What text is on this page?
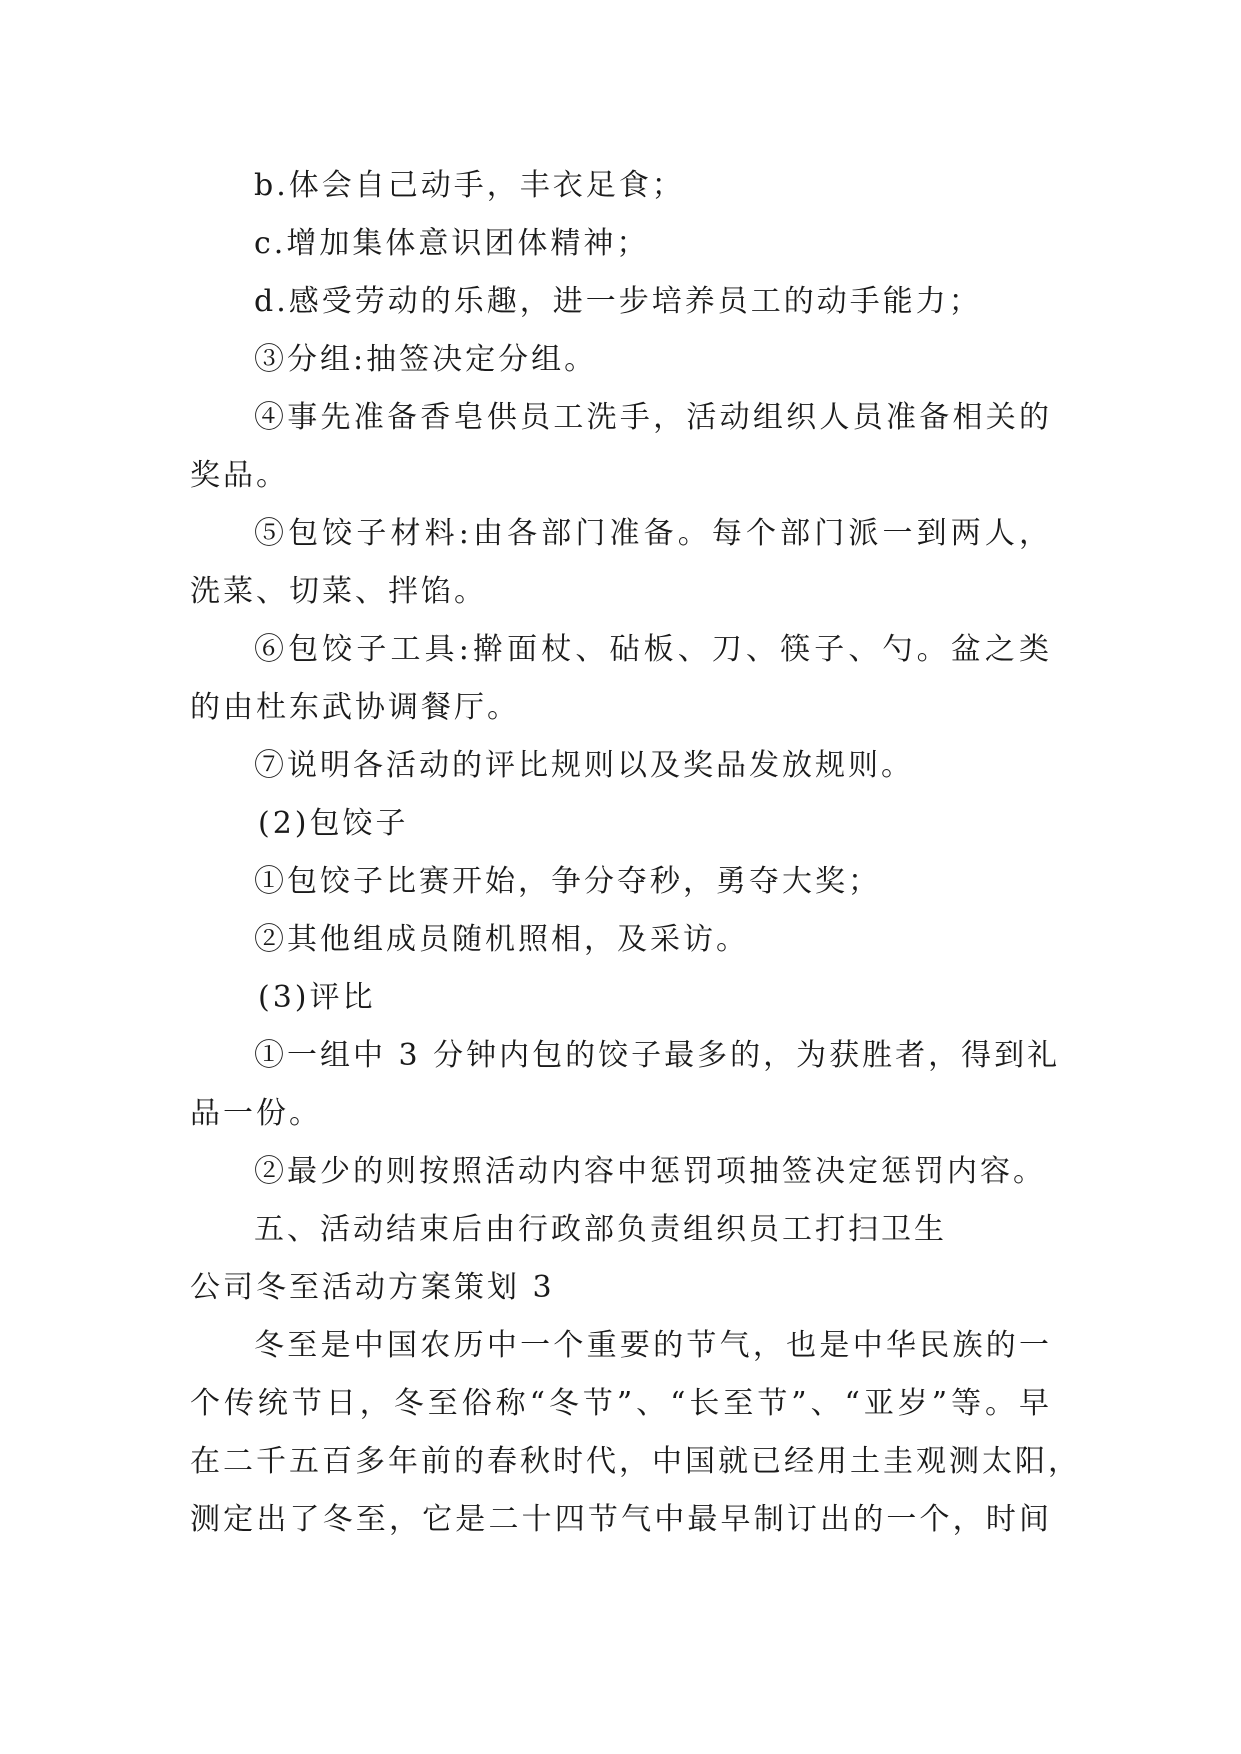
b.体会自己动手，丰衣足食；
c.增加集体意识团体精神；
d.感受劳动的乐趣，进一步培养员工的动手能力；
③分组:抽签决定分组。
④事先准备香皂供员工洗手，活动组织人员准备相关的
奖品。
⑤包饺子材料:由各部门准备。每个部门派一到两人，
洗菜、切菜、拌馅。
⑥包饺子工具:擀面杖、砧板、刀、筷子、勺。盆之类
的由杜东武协调餐厅。
⑦说明各活动的评比规则以及奖品发放规则。
(2)包饺子
①包饺子比赛开始，争分夺秒，勇夺大奖；
②其他组成员随机照相，及采访。
(3)评比
①一组中 3 分钟内包的饺子最多的，为获胜者，得到礼
品一份。
②最少的则按照活动内容中惩罚项抽签决定惩罚内容。
五、活动结束后由行政部负责组织员工打扫卫生
公司冬至活动方案策划 3
冬至是中国农历中一个重要的节气，也是中华民族的一
个传统节日，冬至俗称“冬节”、“长至节”、“亚岁”等。早
在二千五百多年前的春秋时代，中国就已经用土圭观测太阳，
测定出了冬至，它是二十四节气中最早制订出的一个，时间
